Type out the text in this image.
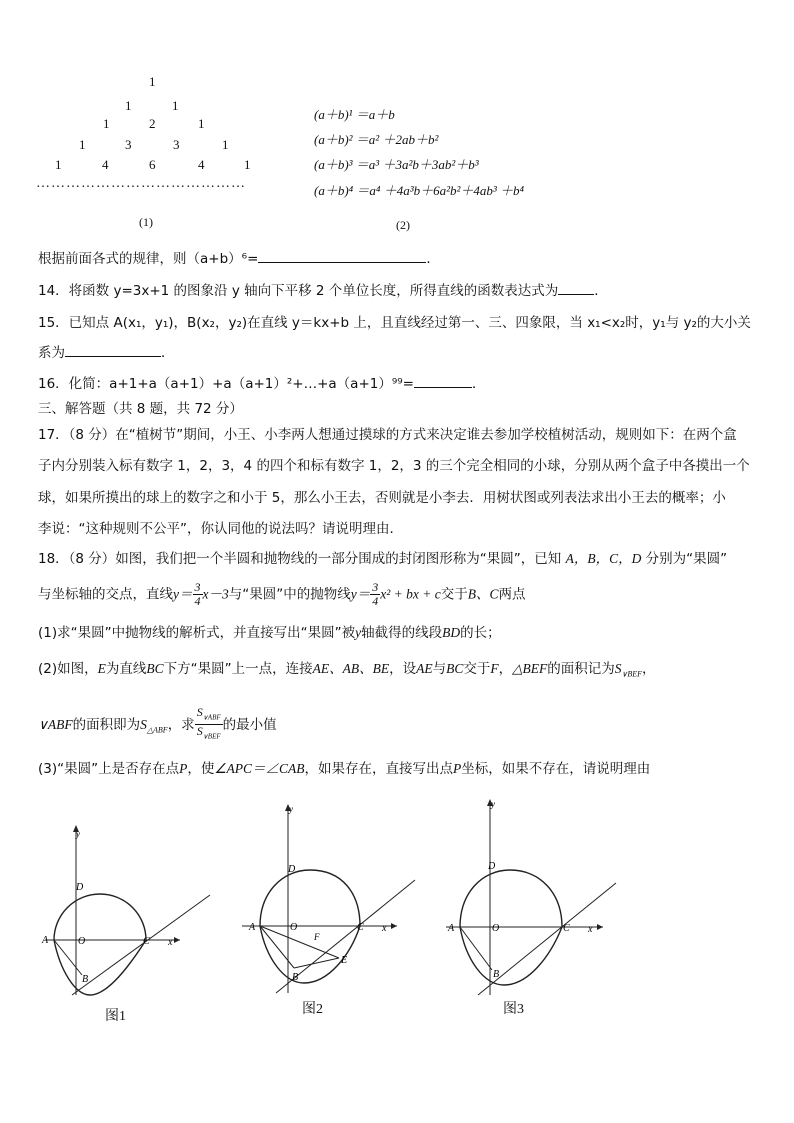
1
1	1
1	2	1
1	3	3	1
1	4	6	4	1
……………………………………
(1)
(a＋b)¹ ＝a＋b
(a＋b)² ＝a² ＋2ab＋b²
(a＋b)³ ＝a³ ＋3a²b＋3ab²＋b³
(a＋b)⁴ ＝a⁴ ＋4a³b＋6a²b²＋4ab³ ＋b⁴
(2)
根据前面各式的规律，则（a+b）⁶=	．
14．将函数 y=3x+1 的图象沿 y 轴向下平移 2 个单位长度，所得直线的函数表达式为	．
15．已知点 A(x₁，y₁)，B(x₂，y₂)在直线 y＝kx+b 上，且直线经过第一、三、四象限，当 x₁<x₂时，y₁与 y₂的大小关
系为	．
16．化简：a+1+a（a+1）+a（a+1）²+…+a（a+1）⁹⁹=	．
三、解答题（共 8 题，共 72 分）
17．（8 分）在“植树节”期间，小王、小李两人想通过摸球的方式来决定谁去参加学校植树活动，规则如下：在两个盒
子内分别装入标有数字 1，2，3，4 的四个和标有数字 1，2，3 的三个完全相同的小球，分别从两个盒子中各摸出一个
球，如果所摸出的球上的数字之和小于 5，那么小王去，否则就是小李去．用树状图或列表法求出小王去的概率；小
李说：“这种规则不公平”，你认同他的说法吗？请说明理由．
18．（8 分）如图，我们把一个半圆和抛物线的一部分围成的封闭图形称为“果圆”，已知 A，B，C，D 分别为“果圆”
与坐标轴的交点，直线$y= \frac{3}{4} x-3$与“果圆”中的抛物线$y= \frac{3}{4} x^2$ + bx + c交于B、C两点
(1)求“果圆”中抛物线的解析式，并直接写出“果圆”被y轴截得的线段BD的长；
(2)如图，E为直线BC下方“果圆”上一点，连接AE、AB、BE，设AE与BC交于F，△BEF的面积记为$S_{\vee BEF}$，
∨ABF的面积即为$S_{\triangle ABF}$，求 $\frac{S_{\vee ABF}}{S_{\vee BEF}}$ 的最小值
(3)“果圆”上是否存在点P，使∠APC＝∠CAB，如果存在，直接写出点P坐标，如果不存在，请说明理由
y
x
A	O	C
D
B
图1
y
x
A	O	C
D
B
E
F
图2
y
x
A	O	C
D
B
图3
